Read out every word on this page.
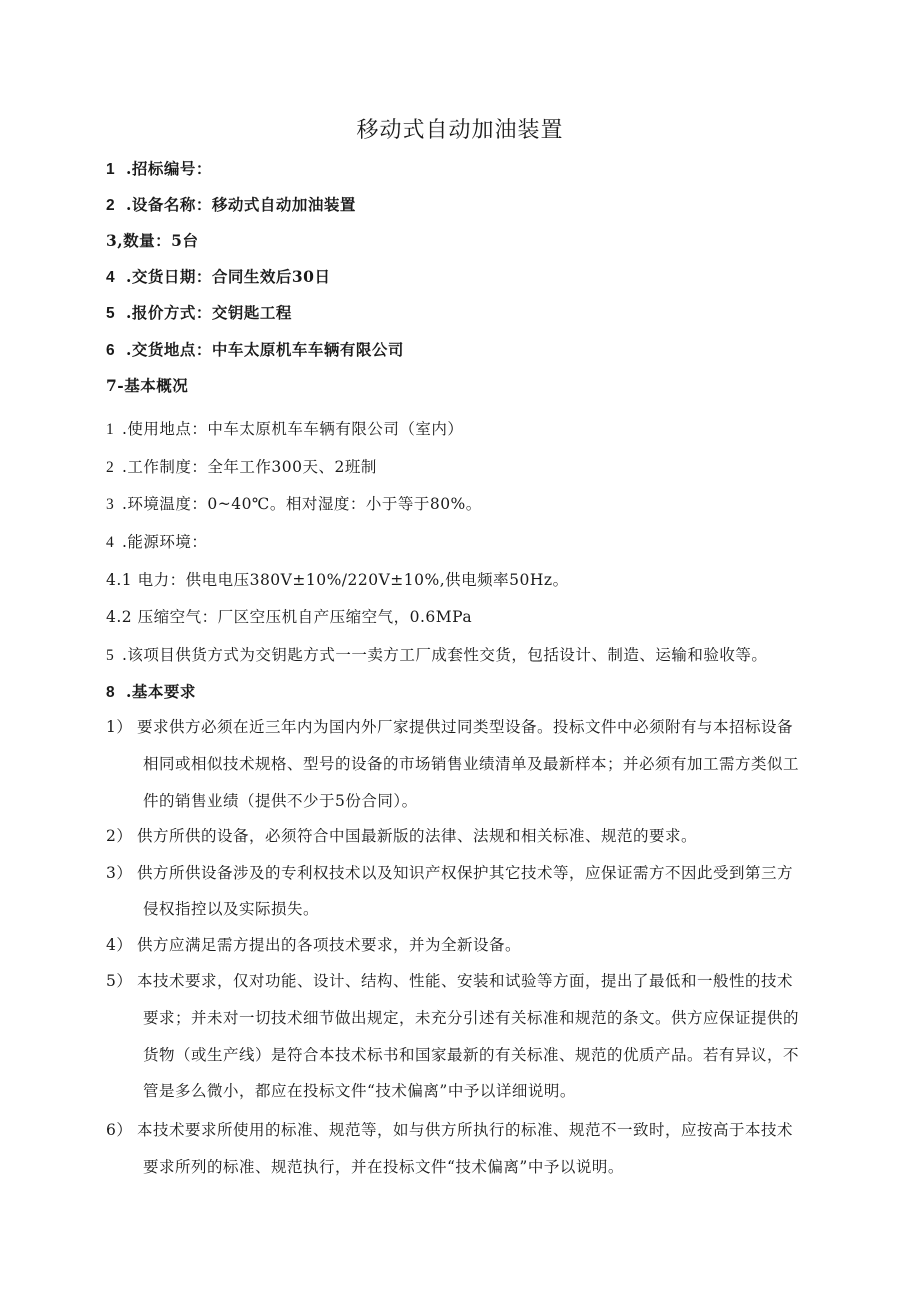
移动式自动加油装置
1 .招标编号：
2 .设备名称：移动式自动加油装置
3,数量：5台
4 .交货日期：合同生效后30日
5 .报价方式：交钥匙工程
6 .交货地点：中车太原机车车辆有限公司
7-基本概况
1 .使用地点：中车太原机车车辆有限公司（室内）
2 .工作制度：全年工作300天、2班制
3 .环境温度：0~40℃。相对湿度：小于等于80%。
4 .能源环境：
4.1 电力：供电电压380V±10%/220V±10%,供电频率50Hz。
4.2 压缩空气：厂区空压机自产压缩空气，0.6MPa
5 .该项目供货方式为交钥匙方式一一卖方工厂成套性交货，包括设计、制造、运输和验收等。
8 .基本要求
1） 要求供方必须在近三年内为国内外厂家提供过同类型设备。投标文件中必须附有与本招标设备
相同或相似技术规格、型号的设备的市场销售业绩清单及最新样本；并必须有加工需方类似工
件的销售业绩（提供不少于5份合同）。
2） 供方所供的设备，必须符合中国最新版的法律、法规和相关标准、规范的要求。
3） 供方所供设备涉及的专利权技术以及知识产权保护其它技术等，应保证需方不因此受到第三方
侵权指控以及实际损失。
4） 供方应满足需方提出的各项技术要求，并为全新设备。
5） 本技术要求，仅对功能、设计、结构、性能、安装和试验等方面，提出了最低和一般性的技术
要求；并未对一切技术细节做出规定，未充分引述有关标准和规范的条文。供方应保证提供的
货物（或生产线）是符合本技术标书和国家最新的有关标准、规范的优质产品。若有异议，不
管是多么微小，都应在投标文件“技术偏离”中予以详细说明。
6） 本技术要求所使用的标准、规范等，如与供方所执行的标准、规范不一致时，应按高于本技术
要求所列的标准、规范执行，并在投标文件“技术偏离”中予以说明。
